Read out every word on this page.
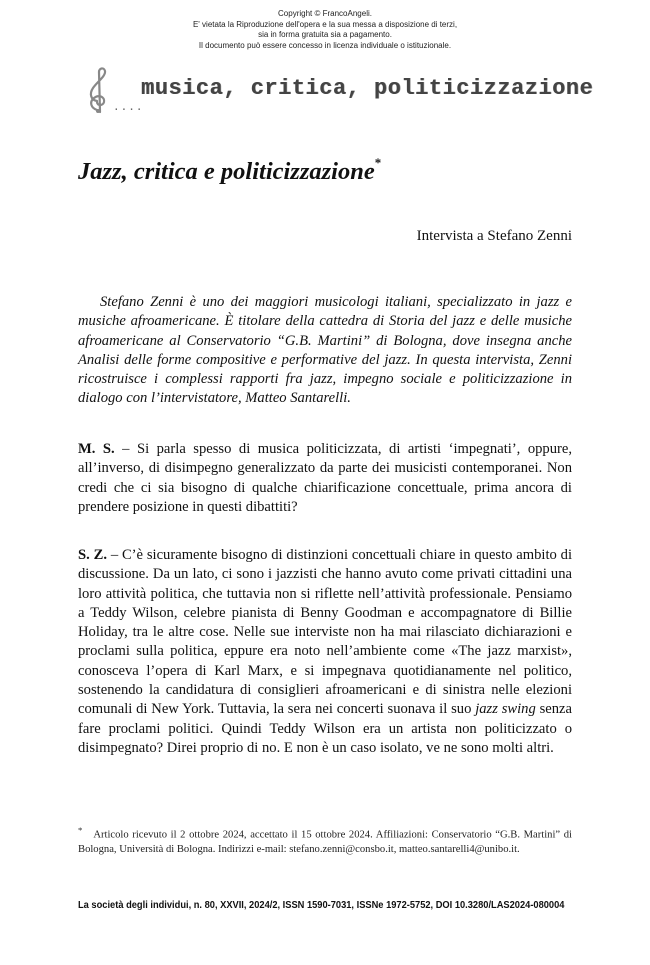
Copyright © FrancoAngeli.
E' vietata la Riproduzione dell'opera e la sua messa a disposizione di terzi,
sia in forma gratuita sia a pagamento.
Il documento può essere concesso in licenza individuale o istituzionale.
....
musica, critica, politicizzazione
Jazz, critica e politicizzazione*
Intervista a Stefano Zenni
Stefano Zenni è uno dei maggiori musicologi italiani, specializzato in jazz e musiche afroamericane. È titolare della cattedra di Storia del jazz e delle musiche afroamericane al Conservatorio “G.B. Martini” di Bologna, dove insegna anche Analisi delle forme compositive e performative del jazz. In questa intervista, Zenni ricostruisce i complessi rapporti fra jazz, impegno sociale e politicizzazione in dialogo con l’intervistatore, Matteo Santarelli.
M. S. – Si parla spesso di musica politicizzata, di artisti ‘impegnati’, oppure, all’inverso, di disimpegno generalizzato da parte dei musicisti contemporanei. Non credi che ci sia bisogno di qualche chiarificazione concettuale, prima ancora di prendere posizione in questi dibattiti?
S. Z. – C’è sicuramente bisogno di distinzioni concettuali chiare in questo ambito di discussione. Da un lato, ci sono i jazzisti che hanno avuto come privati cittadini una loro attività politica, che tuttavia non si riflette nell’attività professionale. Pensiamo a Teddy Wilson, celebre pianista di Benny Goodman e accompagnatore di Billie Holiday, tra le altre cose. Nelle sue interviste non ha mai rilasciato dichiarazioni e proclami sulla politica, eppure era noto nell’ambiente come «The jazz marxist», conosceva l’opera di Karl Marx, e si impegnava quotidianamente nel politico, sostenendo la candidatura di consiglieri afroamericani e di sinistra nelle elezioni comunali di New York. Tuttavia, la sera nei concerti suonava il suo jazz swing senza fare proclami politici. Quindi Teddy Wilson era un artista non politicizzato o disimpegnato? Direi proprio di no. E non è un caso isolato, ve ne sono molti altri.
* Articolo ricevuto il 2 ottobre 2024, accettato il 15 ottobre 2024. Affiliazioni: Conservatorio “G.B. Martini” di Bologna, Università di Bologna. Indirizzi e-mail: stefano.zenni@consbo.it, matteo.santarelli4@unibo.it.
La società degli individui, n. 80, XXVII, 2024/2, ISSN 1590-7031, ISSNe 1972-5752, DOI 10.3280/LAS2024-080004
